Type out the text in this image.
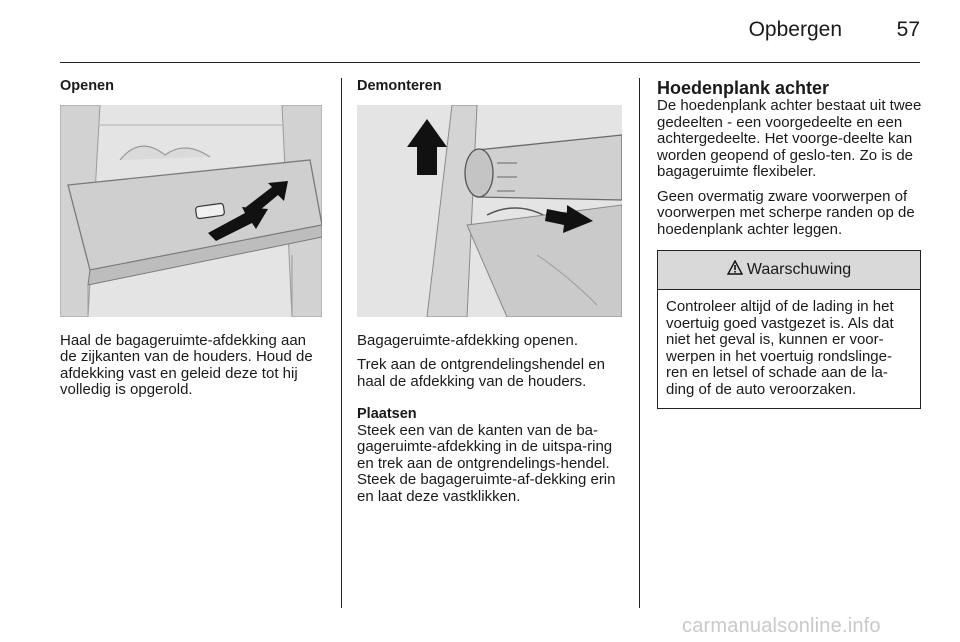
Opbergen	57
Openen

Haal de bagageruimte-afdekking aan de zijkanten van de houders. Houd de afdekking vast en geleid deze tot hij volledig is opgerold.

Demonteren

Bagageruimte-afdekking openen.

Trek aan de ontgrendelingshendel en haal de afdekking van de houders.

Plaatsen

Steek een van de kanten van de ba-gageruimte-afdekking in de uitspa-ring en trek aan de ontgrendelings-hendel. Steek de bagageruimte-af-dekking erin en laat deze vastklikken.

Hoedenplank achter

De hoedenplank achter bestaat uit twee gedeelten - een voorgedeelte en een achtergedeelte. Het voorge-deelte kan worden geopend of geslo-ten. Zo is de bagageruimte flexibeler.

Geen overmatig zware voorwerpen of voorwerpen met scherpe randen op de hoedenplank achter leggen.

Waarschuwing
Controleer altijd of de lading in het voertuig goed vastgezet is. Als dat niet het geval is, kunnen er voor-werpen in het voertuig rondslinge-ren en letsel of schade aan de la-ding of de auto veroorzaken.
carmanualsonline.info
